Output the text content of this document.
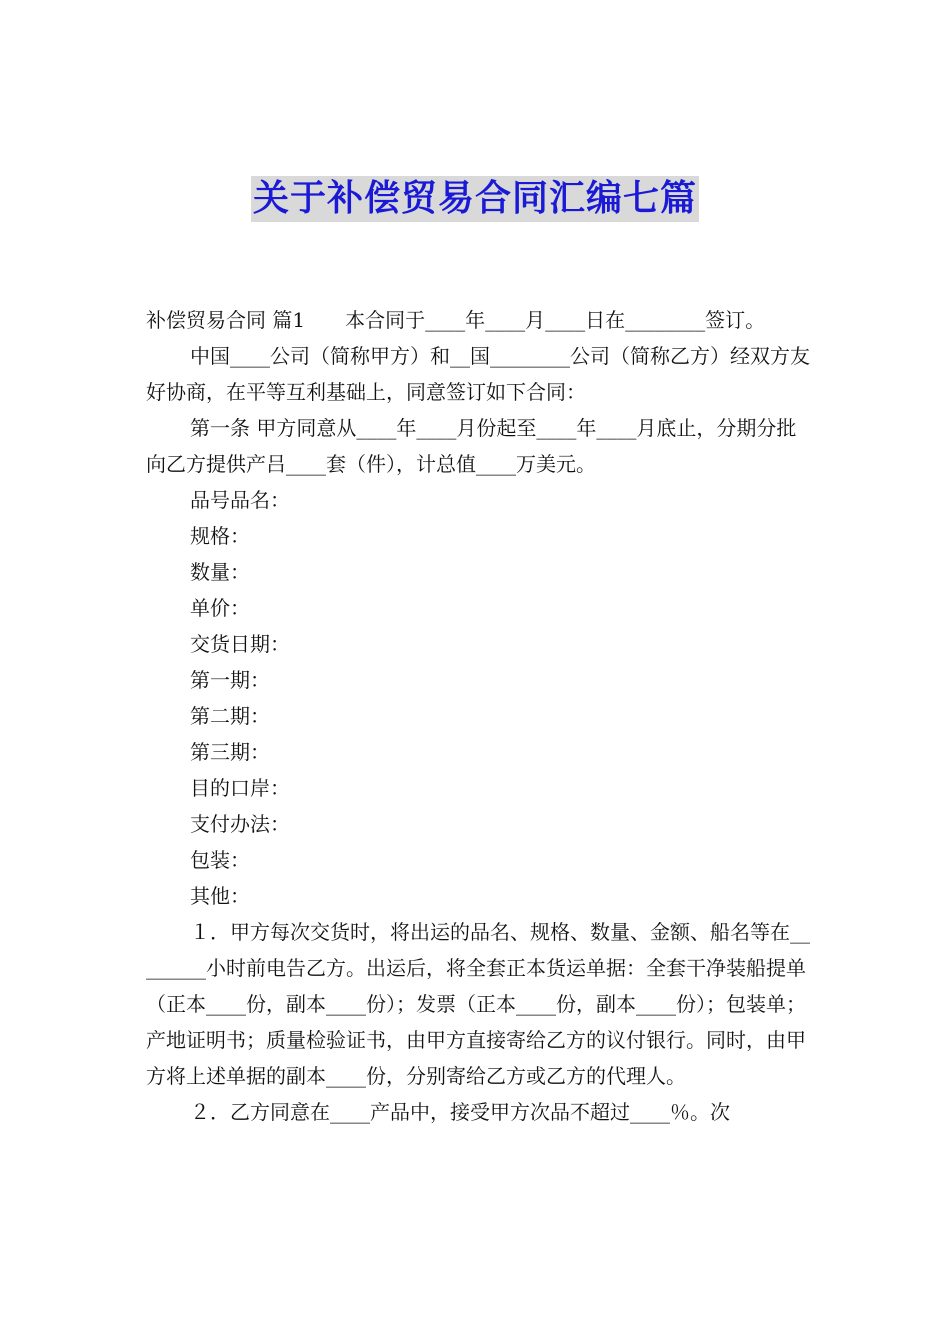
关于补偿贸易合同汇编七篇

补偿贸易合同 篇1　　本合同于____年____月____日在________签订。

中国____公司（简称甲方）和__国________公司（简称乙方）经双方友好协商，在平等互利基础上，同意签订如下合同：

第一条 甲方同意从____年____月份起至____年____月底止，分期分批向乙方提供产吕____套（件），计总值____万美元。

品号品名：

规格：

数量：

单价：

交货日期：

第一期：

第二期：

第三期：

目的口岸：

支付办法：

包装：

其他：

１．甲方每次交货时，将出运的品名、规格、数量、金额、船名等在________小时前电告乙方。出运后，将全套正本货运单据：全套干净装船提单（正本____份，副本____份）；发票（正本____份，副本____份）；包装单；产地证明书；质量检验证书，由甲方直接寄给乙方的议付银行。同时，由甲方将上述单据的副本____份，分别寄给乙方或乙方的代理人。

２．乙方同意在____产品中，接受甲方次品不超过____％。次
